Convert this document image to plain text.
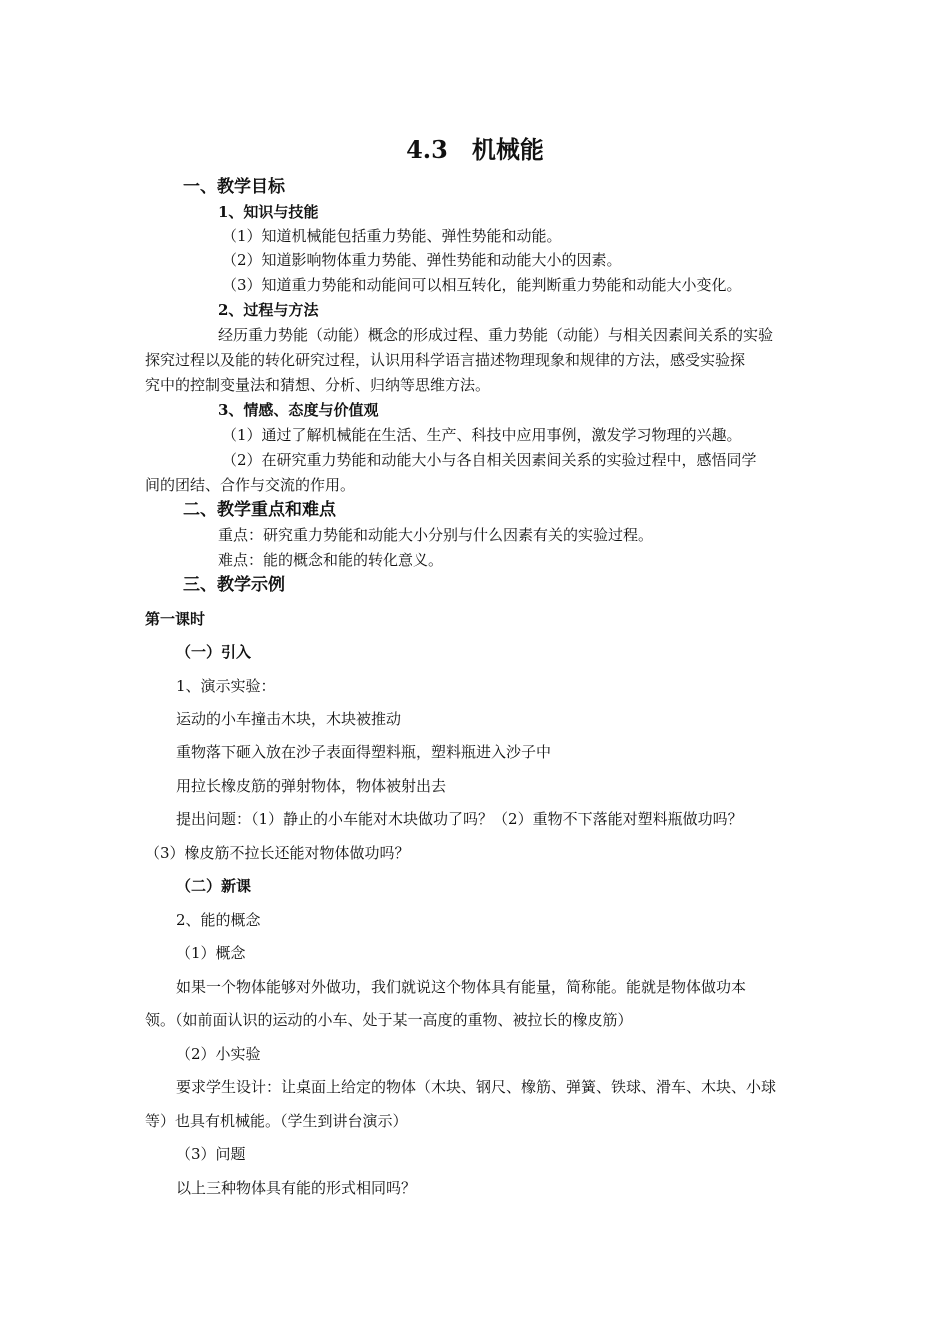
4.3　机械能
一、教学目标
1、知识与技能
（1）知道机械能包括重力势能、弹性势能和动能。
（2）知道影响物体重力势能、弹性势能和动能大小的因素。
（3）知道重力势能和动能间可以相互转化，能判断重力势能和动能大小变化。
2、过程与方法
经历重力势能（动能）概念的形成过程、重力势能（动能）与相关因素间关系的实验
探究过程以及能的转化研究过程，认识用科学语言描述物理现象和规律的方法，感受实验探
究中的控制变量法和猜想、分析、归纳等思维方法。
3、情感、态度与价值观
（1）通过了解机械能在生活、生产、科技中应用事例，激发学习物理的兴趣。
（2）在研究重力势能和动能大小与各自相关因素间关系的实验过程中，感悟同学
间的团结、合作与交流的作用。
二、教学重点和难点
重点：研究重力势能和动能大小分别与什么因素有关的实验过程。
难点：能的概念和能的转化意义。
三、教学示例
第一课时
（一）引入
1、演示实验：
运动的小车撞击木块，木块被推动
重物落下砸入放在沙子表面得塑料瓶，塑料瓶进入沙子中
用拉长橡皮筋的弹射物体，物体被射出去
提出问题：（1）静止的小车能对木块做功了吗？（2）重物不下落能对塑料瓶做功吗？
（3）橡皮筋不拉长还能对物体做功吗？
（二）新课
2、能的概念
（1）概念
如果一个物体能够对外做功，我们就说这个物体具有能量，简称能。能就是物体做功本
领。（如前面认识的运动的小车、处于某一高度的重物、被拉长的橡皮筋）
（2）小实验
要求学生设计：让桌面上给定的物体（木块、钢尺、橡筋、弹簧、铁球、滑车、木块、小球
等）也具有机械能。（学生到讲台演示）
（3）问题
以上三种物体具有能的形式相同吗？
